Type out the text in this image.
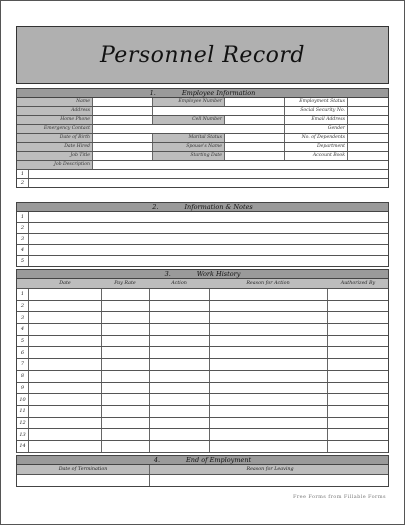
Personnel Record
1.	Employee Information
Name	Employee Number	Employment Status
Address	Social Security No.
Home Phone	Cell Number	Email Address
Emergency Contact	Gender
Date of Birth	Marital Status	No. of Dependents
Date Hired	Spouse's Name	Department
Job Title	Starting Date	Account Book
Job Description
1
2
2.	Information & Notes
1
2
3
4
5
3.	Work History
Date	Pay Rate	Action	Reason for Action	Authorized By
1
2
3
4
5
6
7
8
9
10
11
12
13
14
4.	End of Employment
Date of Termination	Reason for Leaving
Free Forms from Fillable Forms
